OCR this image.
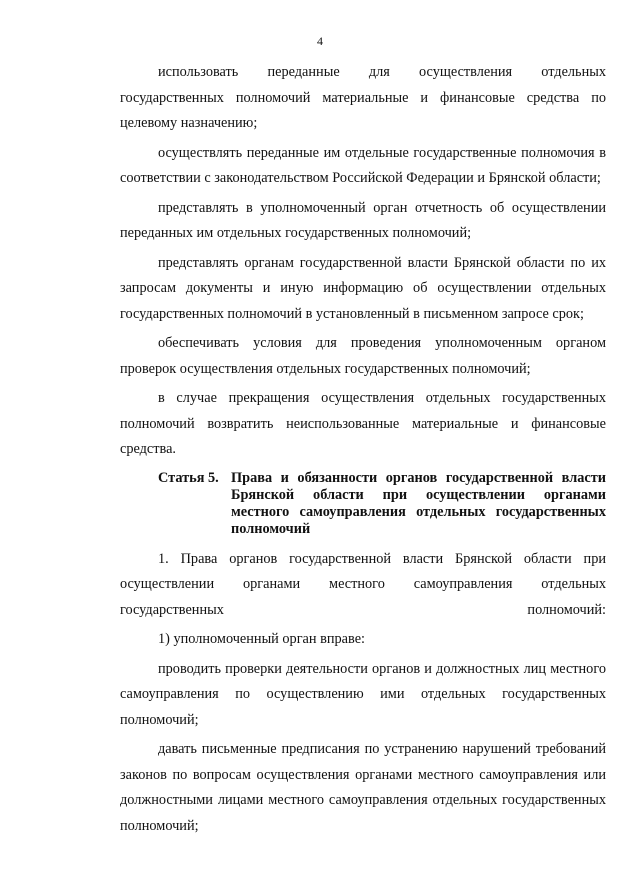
4

использовать переданные для осуществления отдельных государственных полномочий материальные и финансовые средства по целевому назначению;

осуществлять переданные им отдельные государственные полномочия в соответствии с законодательством Российской Федерации и Брянской области;

представлять в уполномоченный орган отчетность об осуществлении переданных им отдельных государственных полномочий;

представлять органам государственной власти Брянской области по их запросам документы и иную информацию об осуществлении отдельных государственных полномочий в установленный в письменном запросе срок;

обеспечивать условия для проведения уполномоченным органом проверок осуществления отдельных государственных полномочий;

в случае прекращения осуществления отдельных государственных полномочий возвратить неиспользованные материальные и финансовые средства.

Статья 5. Права и обязанности органов государственной власти Брянской области при осуществлении органами местного самоуправления отдельных государственных полномочий

1. Права органов государственной власти Брянской области при осуществлении органами местного самоуправления отдельных государственных полномочий:

1) уполномоченный орган вправе:

проводить проверки деятельности органов и должностных лиц местного самоуправления по осуществлению ими отдельных государственных полномочий;

давать письменные предписания по устранению нарушений требований законов по вопросам осуществления органами местного самоуправления или должностными лицами местного самоуправления отдельных государственных полномочий;
